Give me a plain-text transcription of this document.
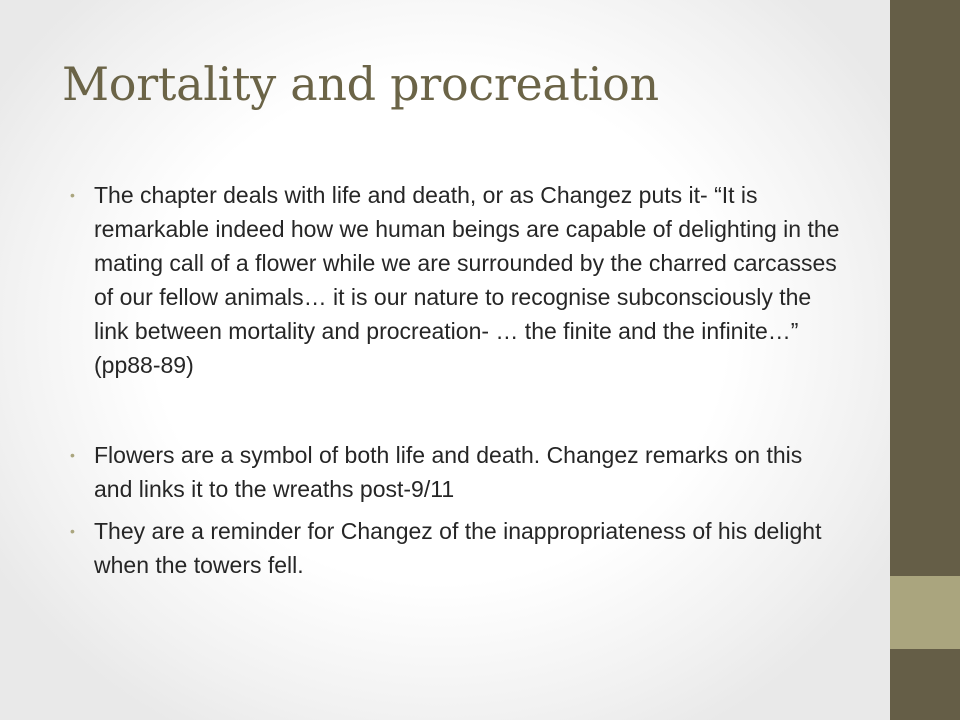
Mortality and procreation
• The chapter deals with life and death, or as Changez puts it- “It is remarkable indeed how we human beings are capable of delighting in the mating call of a flower while we are surrounded by the charred carcasses of our fellow animals… it is our nature to recognise subconsciously the link between mortality and procreation- … the finite and the infinite…” (pp88-89)
• Flowers are a symbol of both life and death. Changez remarks on this and links it to the wreaths post-9/11
• They are a reminder for Changez of the inappropriateness of his delight when the towers fell.
